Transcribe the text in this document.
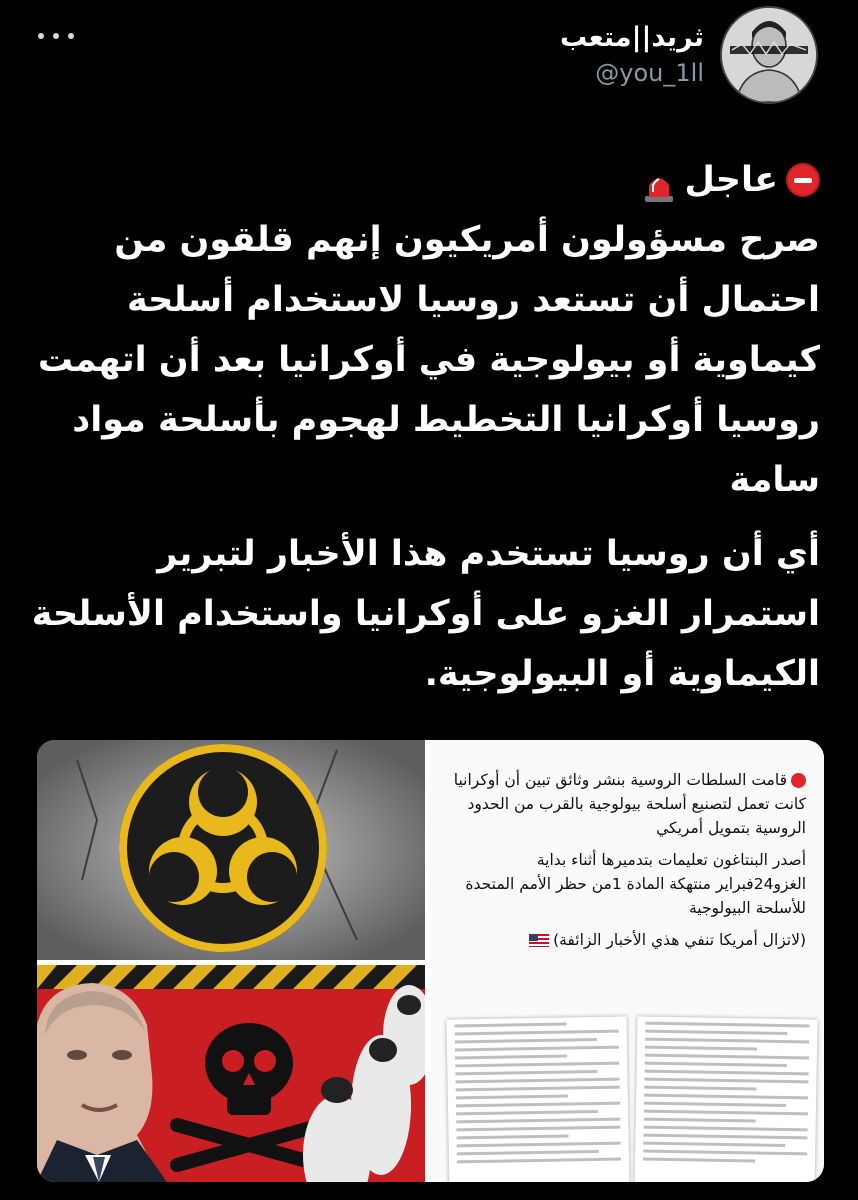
ثريد||متعب
@you_1ll
عاجل

صرح مسؤولون أمريكيون إنهم قلقون من احتمال أن تستعد روسيا لاستخدام أسلحة كيماوية أو بيولوجية في أوكرانيا بعد أن اتهمت روسيا أوكرانيا التخطيط لهجوم بأسلحة مواد سامة

أي أن روسيا تستخدم هذا الأخبار لتبرير استمرار الغزو على أوكرانيا واستخدام الأسلحة الكيماوية أو البيولوجية.

قامت السلطات الروسية بنشر وثائق تبين أن أوكرانيا كانت تعمل لتصنيع أسلحة بيولوجية بالقرب من الحدود الروسية بتمويل أمريكي

أصدر البنتاغون تعليمات بتدميرها أثناء بداية الغزو24فبراير منتهكة المادة 1من حظر الأمم المتحدة للأسلحة البيولوجية

(لاتزال أمريكا تنفي هذي الأخبار الزائفة)
